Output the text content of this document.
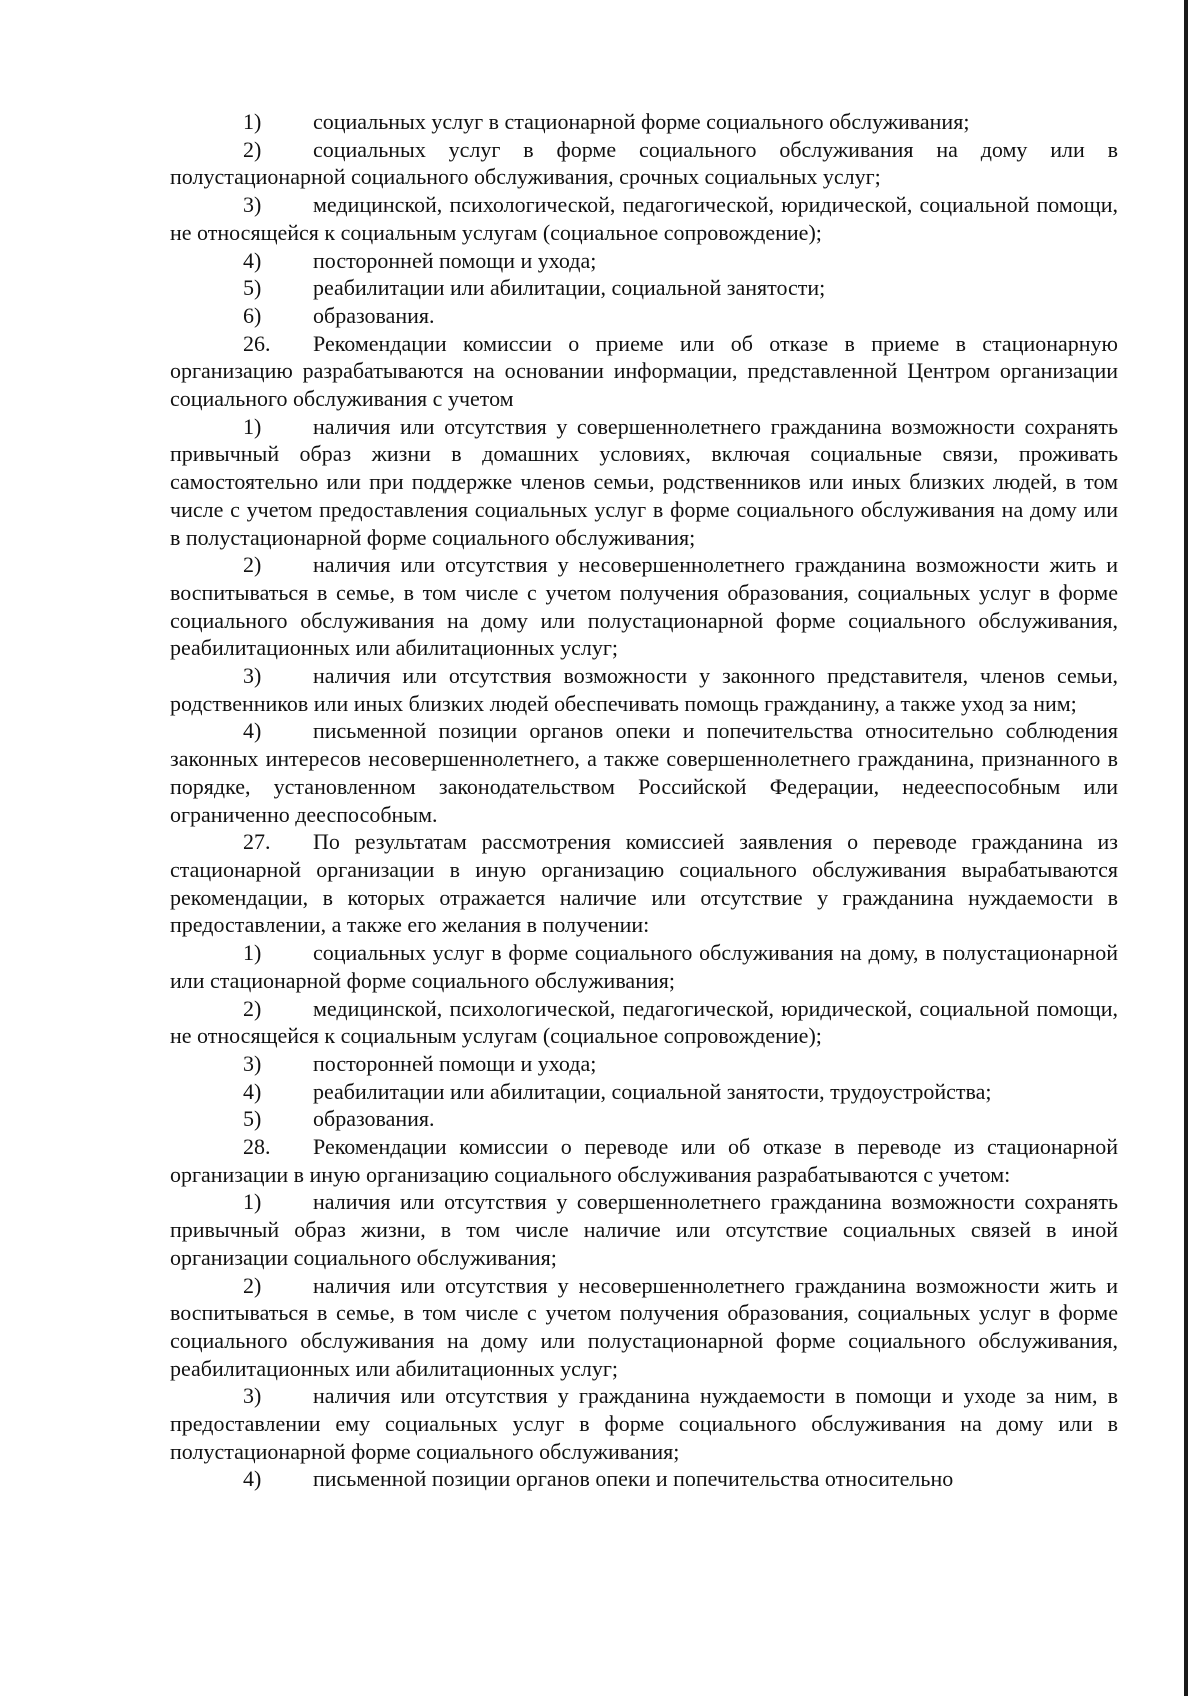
1) социальных услуг в стационарной форме социального обслуживания;

2) социальных услуг в форме социального обслуживания на дому или в полустационарной социального обслуживания, срочных социальных услуг;

3) медицинской, психологической, педагогической, юридической, социальной помощи, не относящейся к социальным услугам (социальное сопровождение);

4) посторонней помощи и ухода;

5) реабилитации или абилитации, социальной занятости;

6) образования.

26. Рекомендации комиссии о приеме или об отказе в приеме в стационарную организацию разрабатываются на основании информации, представленной Центром организации социального обслуживания с учетом

1) наличия или отсутствия у совершеннолетнего гражданина возможности сохранять привычный образ жизни в домашних условиях, включая социальные связи, проживать самостоятельно или при поддержке членов семьи, родственников или иных близких людей, в том числе с учетом предоставления социальных услуг в форме социального обслуживания на дому или в полустационарной форме социального обслуживания;

2) наличия или отсутствия у несовершеннолетнего гражданина возможности жить и воспитываться в семье, в том числе с учетом получения образования, социальных услуг в форме социального обслуживания на дому или полустационарной форме социального обслуживания, реабилитационных или абилитационных услуг;

3) наличия или отсутствия возможности у законного представителя, членов семьи, родственников или иных близких людей обеспечивать помощь гражданину, а также уход за ним;

4) письменной позиции органов опеки и попечительства относительно соблюдения законных интересов несовершеннолетнего, а также совершеннолетнего гражданина, признанного в порядке, установленном законодательством Российской Федерации, недееспособным или ограниченно дееспособным.

27. По результатам рассмотрения комиссией заявления о переводе гражданина из стационарной организации в иную организацию социального обслуживания вырабатываются рекомендации, в которых отражается наличие или отсутствие у гражданина нуждаемости в предоставлении, а также его желания в получении:

1) социальных услуг в форме социального обслуживания на дому, в полустационарной или стационарной форме социального обслуживания;

2) медицинской, психологической, педагогической, юридической, социальной помощи, не относящейся к социальным услугам (социальное сопровождение);

3) посторонней помощи и ухода;

4) реабилитации или абилитации, социальной занятости, трудоустройства;

5) образования.

28. Рекомендации комиссии о переводе или об отказе в переводе из стационарной организации в иную организацию социального обслуживания разрабатываются с учетом:

1) наличия или отсутствия у совершеннолетнего гражданина возможности сохранять привычный образ жизни, в том числе наличие или отсутствие социальных связей в иной организации социального обслуживания;

2) наличия или отсутствия у несовершеннолетнего гражданина возможности жить и воспитываться в семье, в том числе с учетом получения образования, социальных услуг в форме социального обслуживания на дому или полустационарной форме социального обслуживания, реабилитационных или абилитационных услуг;

3) наличия или отсутствия у гражданина нуждаемости в помощи и уходе за ним, в предоставлении ему социальных услуг в форме социального обслуживания на дому или в полустационарной форме социального обслуживания;

4) письменной позиции органов опеки и попечительства относительно
